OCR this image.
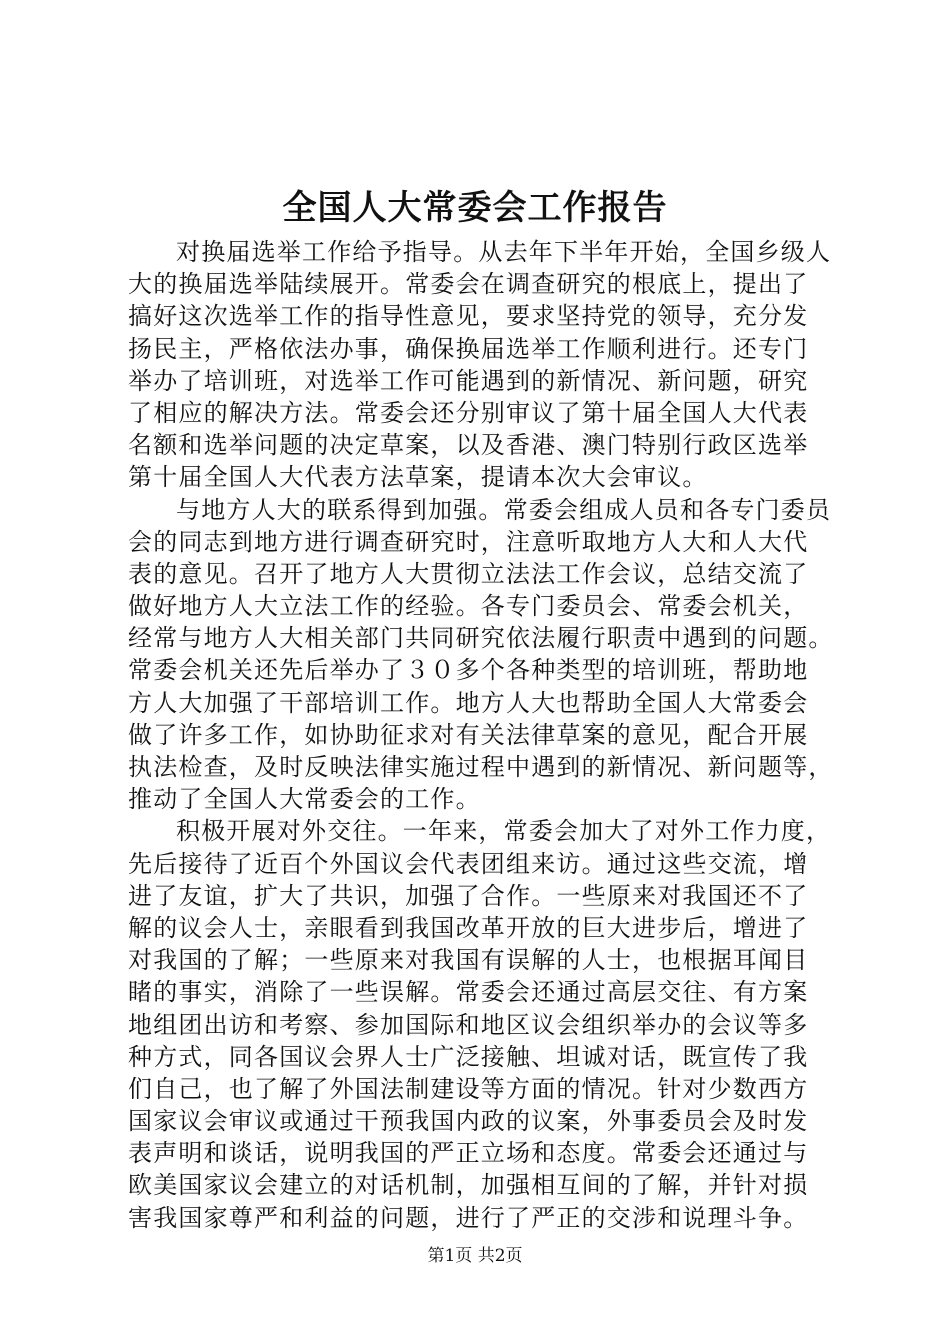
全国人大常委会工作报告

对换届选举工作给予指导。从去年下半年开始，全国乡级人
大的换届选举陆续展开。常委会在调查研究的根底上，提出了
搞好这次选举工作的指导性意见，要求坚持党的领导，充分发
扬民主，严格依法办事，确保换届选举工作顺利进行。还专门
举办了培训班，对选举工作可能遇到的新情况、新问题，研究
了相应的解决方法。常委会还分别审议了第十届全国人大代表
名额和选举问题的决定草案，以及香港、澳门特别行政区选举
第十届全国人大代表方法草案，提请本次大会审议。

与地方人大的联系得到加强。常委会组成人员和各专门委员
会的同志到地方进行调查研究时，注意听取地方人大和人大代
表的意见。召开了地方人大贯彻立法法工作会议，总结交流了
做好地方人大立法工作的经验。各专门委员会、常委会机关，
经常与地方人大相关部门共同研究依法履行职责中遇到的问题。
常委会机关还先后举办了３０多个各种类型的培训班，帮助地
方人大加强了干部培训工作。地方人大也帮助全国人大常委会
做了许多工作，如协助征求对有关法律草案的意见，配合开展
执法检查，及时反映法律实施过程中遇到的新情况、新问题等，
推动了全国人大常委会的工作。

积极开展对外交往。一年来，常委会加大了对外工作力度，
先后接待了近百个外国议会代表团组来访。通过这些交流，增
进了友谊，扩大了共识，加强了合作。一些原来对我国还不了
解的议会人士，亲眼看到我国改革开放的巨大进步后，增进了
对我国的了解；一些原来对我国有误解的人士，也根据耳闻目
睹的事实，消除了一些误解。常委会还通过高层交往、有方案
地组团出访和考察、参加国际和地区议会组织举办的会议等多
种方式，同各国议会界人士广泛接触、坦诚对话，既宣传了我
们自己，也了解了外国法制建设等方面的情况。针对少数西方
国家议会审议或通过干预我国内政的议案，外事委员会及时发
表声明和谈话，说明我国的严正立场和态度。常委会还通过与
欧美国家议会建立的对话机制，加强相互间的了解，并针对损
害我国家尊严和利益的问题，进行了严正的交涉和说理斗争。

第1页 共2页
